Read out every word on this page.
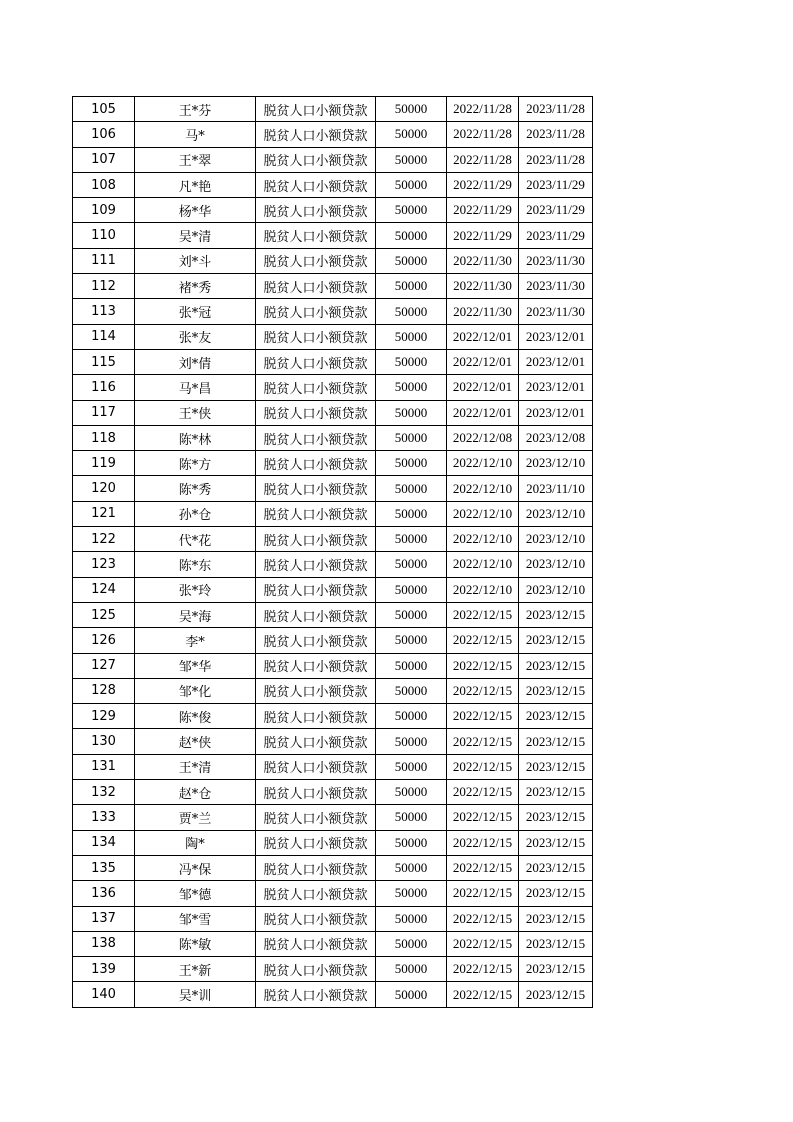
105	王*芬	脱贫人口小额贷款	50000	2022/11/28	2023/11/28
106	马*	脱贫人口小额贷款	50000	2022/11/28	2023/11/28
107	王*翠	脱贫人口小额贷款	50000	2022/11/28	2023/11/28
108	凡*艳	脱贫人口小额贷款	50000	2022/11/29	2023/11/29
109	杨*华	脱贫人口小额贷款	50000	2022/11/29	2023/11/29
110	吴*清	脱贫人口小额贷款	50000	2022/11/29	2023/11/29
111	刘*斗	脱贫人口小额贷款	50000	2022/11/30	2023/11/30
112	褚*秀	脱贫人口小额贷款	50000	2022/11/30	2023/11/30
113	张*冠	脱贫人口小额贷款	50000	2022/11/30	2023/11/30
114	张*友	脱贫人口小额贷款	50000	2022/12/01	2023/12/01
115	刘*倩	脱贫人口小额贷款	50000	2022/12/01	2023/12/01
116	马*昌	脱贫人口小额贷款	50000	2022/12/01	2023/12/01
117	王*侠	脱贫人口小额贷款	50000	2022/12/01	2023/12/01
118	陈*林	脱贫人口小额贷款	50000	2022/12/08	2023/12/08
119	陈*方	脱贫人口小额贷款	50000	2022/12/10	2023/12/10
120	陈*秀	脱贫人口小额贷款	50000	2022/12/10	2023/11/10
121	孙*仓	脱贫人口小额贷款	50000	2022/12/10	2023/12/10
122	代*花	脱贫人口小额贷款	50000	2022/12/10	2023/12/10
123	陈*东	脱贫人口小额贷款	50000	2022/12/10	2023/12/10
124	张*玲	脱贫人口小额贷款	50000	2022/12/10	2023/12/10
125	吴*海	脱贫人口小额贷款	50000	2022/12/15	2023/12/15
126	李*	脱贫人口小额贷款	50000	2022/12/15	2023/12/15
127	邹*华	脱贫人口小额贷款	50000	2022/12/15	2023/12/15
128	邹*化	脱贫人口小额贷款	50000	2022/12/15	2023/12/15
129	陈*俊	脱贫人口小额贷款	50000	2022/12/15	2023/12/15
130	赵*侠	脱贫人口小额贷款	50000	2022/12/15	2023/12/15
131	王*清	脱贫人口小额贷款	50000	2022/12/15	2023/12/15
132	赵*仓	脱贫人口小额贷款	50000	2022/12/15	2023/12/15
133	贾*兰	脱贫人口小额贷款	50000	2022/12/15	2023/12/15
134	陶*	脱贫人口小额贷款	50000	2022/12/15	2023/12/15
135	冯*保	脱贫人口小额贷款	50000	2022/12/15	2023/12/15
136	邹*德	脱贫人口小额贷款	50000	2022/12/15	2023/12/15
137	邹*雪	脱贫人口小额贷款	50000	2022/12/15	2023/12/15
138	陈*敏	脱贫人口小额贷款	50000	2022/12/15	2023/12/15
139	王*新	脱贫人口小额贷款	50000	2022/12/15	2023/12/15
140	吴*训	脱贫人口小额贷款	50000	2022/12/15	2023/12/15
